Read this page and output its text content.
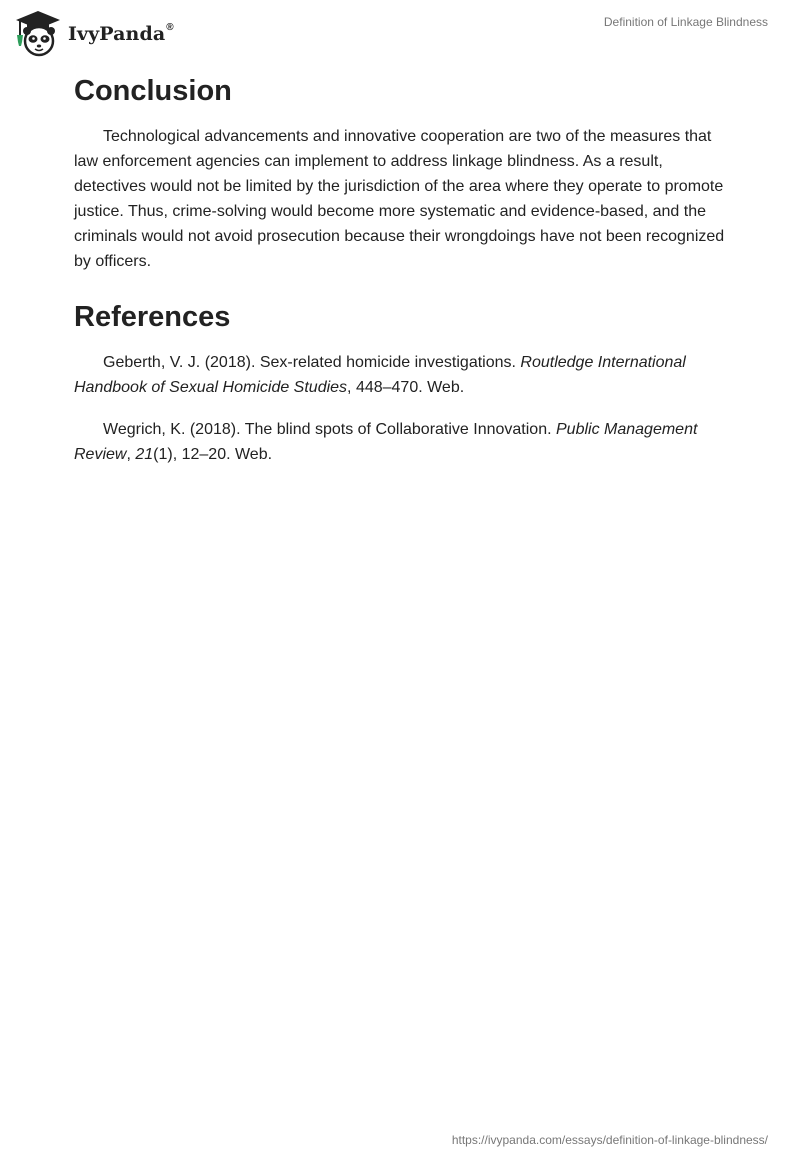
IvyPanda®	Definition of Linkage Blindness
Conclusion

Technological advancements and innovative cooperation are two of the measures that law enforcement agencies can implement to address linkage blindness. As a result, detectives would not be limited by the jurisdiction of the area where they operate to promote justice. Thus, crime-solving would become more systematic and evidence-based, and the criminals would not avoid prosecution because their wrongdoings have not been recognized by officers.

References

Geberth, V. J. (2018). Sex-related homicide investigations. Routledge International Handbook of Sexual Homicide Studies, 448–470. Web.

Wegrich, K. (2018). The blind spots of Collaborative Innovation. Public Management Review, 21(1), 12–20. Web.

https://ivypanda.com/essays/definition-of-linkage-blindness/
